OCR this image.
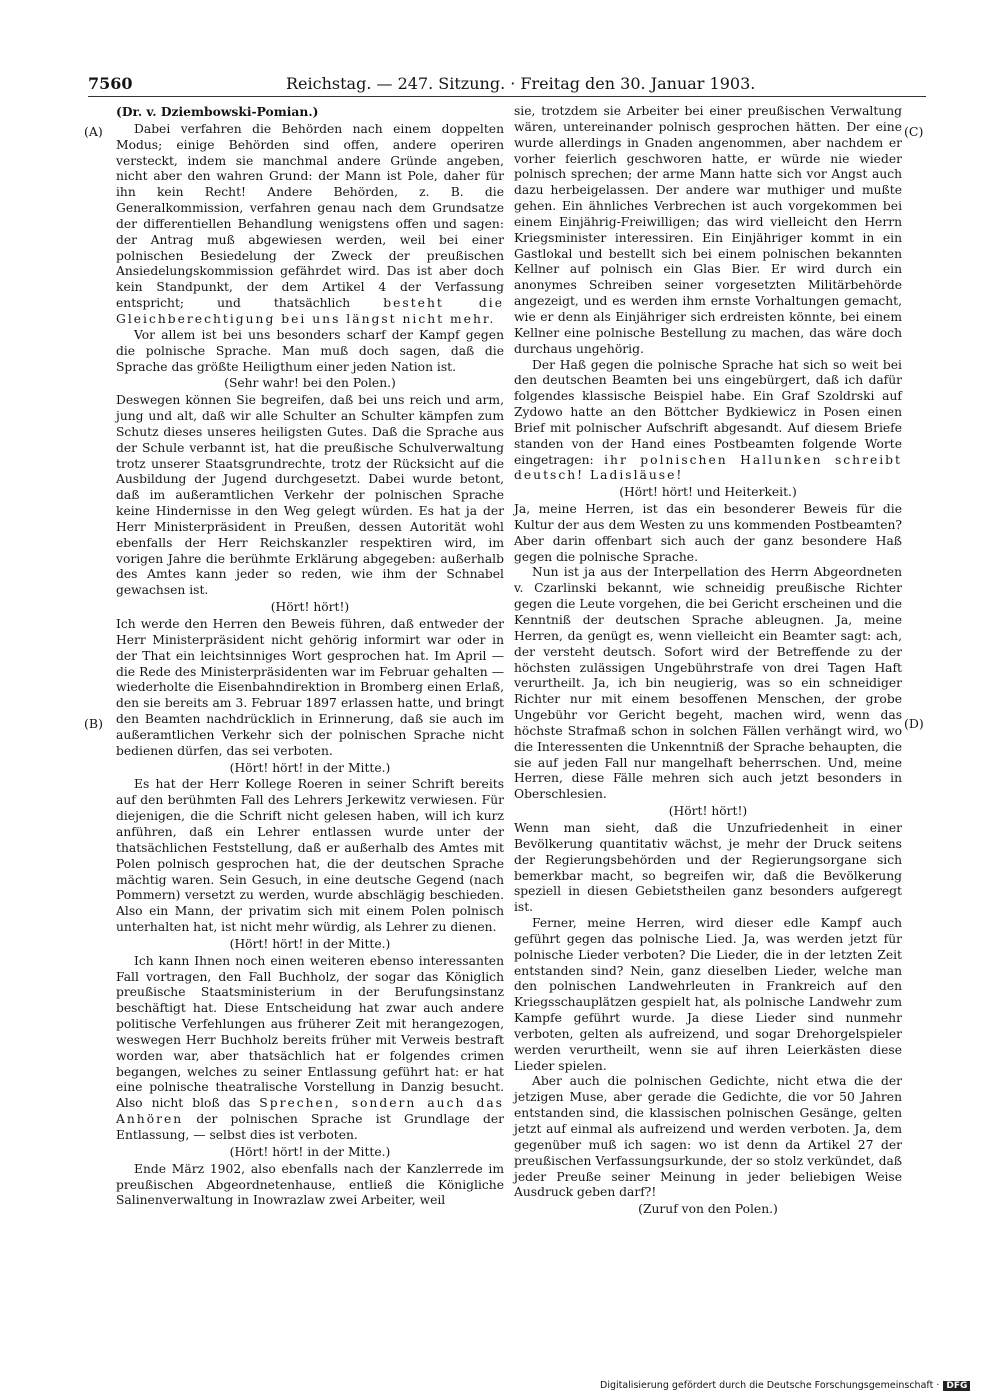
7560	Reichstag. — 247. Sitzung. · Freitag den 30. Januar 1903.
(A)
(B)
(C)
(D)

(Dr. v. Dziembowski-Pomian.)

Dabei verfahren die Behörden nach einem doppelten Modus; einige Behörden sind offen, andere operiren versteckt, indem sie manchmal andere Gründe angeben, nicht aber den wahren Grund: der Mann ist Pole, daher für ihn kein Recht! Andere Behörden, z. B. die Generalkommission, verfahren genau nach dem Grundsatze der differentiellen Behandlung wenigstens offen und sagen: der Antrag muß abgewiesen werden, weil bei einer polnischen Besiedelung der Zweck der preußischen Ansiedelungskommission gefährdet wird. Das ist aber doch kein Standpunkt, der dem Artikel 4 der Verfassung entspricht; und thatsächlich	besteht die Gleichberechtigung bei uns längst nicht mehr.

Vor allem ist bei uns besonders scharf der Kampf gegen die polnische Sprache. Man muß doch sagen, daß die Sprache das größte Heiligthum einer jeden Nation ist.

(Sehr wahr! bei den Polen.)

Deswegen können Sie begreifen, daß bei uns reich und arm, jung und alt, daß wir alle Schulter an Schulter kämpfen zum Schutz dieses unseres heiligsten Gutes. Daß die Sprache aus der Schule verbannt ist, hat die preußische Schulverwaltung trotz unserer Staatsgrundrechte, trotz der Rücksicht auf die Ausbildung der Jugend durchgesetzt. Dabei wurde betont, daß im außeramtlichen Verkehr der polnischen Sprache keine Hindernisse in den Weg gelegt würden. Es hat ja der Herr Ministerpräsident in Preußen, dessen Autorität wohl ebenfalls der Herr Reichskanzler respektiren wird, im vorigen Jahre die berühmte Erklärung abgegeben: außerhalb des Amtes kann jeder so reden, wie ihm der Schnabel gewachsen ist.

(Hört! hört!)

Ich werde den Herren den Beweis führen, daß entweder der Herr Ministerpräsident nicht gehörig informirt war oder in der That ein leichtsinniges Wort gesprochen hat. Im April — die Rede des Ministerpräsidenten war im Februar gehalten — wiederholte die Eisenbahndirektion in Bromberg einen Erlaß, den sie bereits am 3. Februar 1897 erlassen hatte, und bringt den Beamten nachdrücklich in Erinnerung, daß sie auch im außeramtlichen Verkehr sich der polnischen Sprache nicht bedienen dürfen, das sei verboten.

(Hört! hört! in der Mitte.)

Es hat der Herr Kollege Roeren in seiner Schrift bereits auf den berühmten Fall des Lehrers Jerkewitz verwiesen. Für diejenigen, die die Schrift nicht gelesen haben, will ich kurz anführen, daß ein Lehrer entlassen wurde unter der thatsächlichen Feststellung, daß er außerhalb des Amtes mit Polen polnisch gesprochen hat, die der deutschen Sprache mächtig waren. Sein Gesuch, in eine deutsche Gegend (nach Pommern) versetzt zu werden, wurde abschlägig beschieden. Also ein Mann, der privatim sich mit einem Polen polnisch unterhalten hat, ist nicht mehr würdig, als Lehrer zu dienen.

(Hört! hört! in der Mitte.)

Ich kann Ihnen noch einen weiteren ebenso interessanten Fall vortragen, den Fall Buchholz, der sogar das Königlich preußische Staatsministerium in der Berufungsinstanz beschäftigt hat. Diese Entscheidung hat zwar auch andere politische Verfehlungen aus früherer Zeit mit herangezogen, weswegen Herr Buchholz bereits früher mit Verweis bestraft worden war, aber thatsächlich hat er folgendes crimen begangen, welches zu seiner Entlassung geführt hat: er hat eine polnische theatralische Vorstellung in Danzig besucht. Also nicht bloß das Sprechen, sondern auch das Anhören der polnischen Sprache ist Grundlage der Entlassung, — selbst dies ist verboten.

(Hört! hört! in der Mitte.)

Ende März 1902, also ebenfalls nach der Kanzlerrede im preußischen Abgeordnetenhause, entließ die Königliche Salinenverwaltung in Inowrazlaw zwei Arbeiter, weil

sie, trotzdem sie Arbeiter bei einer preußischen Verwaltung wären, untereinander polnisch gesprochen hätten. Der eine wurde allerdings in Gnaden angenommen, aber nachdem er vorher feierlich geschworen hatte, er würde nie wieder polnisch sprechen; der arme Mann hatte sich vor Angst auch dazu herbeigelassen. Der andere war muthiger und mußte gehen. Ein ähnliches Verbrechen ist auch vorgekommen bei einem Einjährig-Freiwilligen; das wird vielleicht den Herrn Kriegsminister interessiren. Ein Einjähriger kommt in ein Gastlokal und bestellt sich bei einem polnischen bekannten Kellner auf polnisch ein Glas Bier. Er wird durch ein anonymes Schreiben seiner vorgesetzten Militärbehörde angezeigt, und es werden ihm ernste Vorhaltungen gemacht, wie er denn als Einjähriger sich erdreisten könnte, bei einem Kellner eine polnische Bestellung zu machen, das wäre doch durchaus ungehörig.

Der Haß gegen die polnische Sprache hat sich so weit bei den deutschen Beamten bei uns eingebürgert, daß ich dafür folgendes klassische Beispiel habe. Ein Graf Szoldrski auf Zydowo hatte an den Böttcher Bydkiewicz in Posen einen Brief mit polnischer Aufschrift abgesandt. Auf diesem Briefe standen von der Hand eines Postbeamten folgende Worte eingetragen: ihr polnischen Hallunken schreibt deutsch! Ladisläuse!

(Hört! hört! und Heiterkeit.)

Ja, meine Herren, ist das ein besonderer Beweis für die Kultur der aus dem Westen zu uns kommenden Postbeamten? Aber darin offenbart sich auch der ganz besondere Haß gegen die polnische Sprache.

Nun ist ja aus der Interpellation des Herrn Abgeordneten v. Czarlinski bekannt, wie schneidig preußische Richter gegen die Leute vorgehen, die bei Gericht erscheinen und die Kenntniß der deutschen Sprache ableugnen. Ja, meine Herren, da genügt es, wenn vielleicht ein Beamter sagt: ach, der versteht deutsch. Sofort wird der Betreffende zu der höchsten zulässigen Ungebührstrafe von drei Tagen Haft verurtheilt. Ja, ich bin neugierig, was so ein schneidiger Richter nur mit einem besoffenen Menschen, der grobe Ungebühr vor Gericht begeht, machen wird, wenn das höchste Strafmaß schon in solchen Fällen verhängt wird, wo die Interessenten die Unkenntniß der Sprache behaupten, die sie auf jeden Fall nur mangelhaft beherrschen. Und, meine Herren, diese Fälle mehren sich auch jetzt besonders in Oberschlesien.

(Hört! hört!)

Wenn man sieht, daß die Unzufriedenheit in einer Bevölkerung quantitativ wächst, je mehr der Druck seitens der Regierungsbehörden und der Regierungsorgane sich bemerkbar macht, so begreifen wir, daß die Bevölkerung speziell in diesen Gebietstheilen ganz besonders aufgeregt ist.

Ferner, meine Herren, wird dieser edle Kampf auch geführt gegen das polnische Lied. Ja, was werden jetzt für polnische Lieder verboten? Die Lieder, die in der letzten Zeit entstanden sind? Nein, ganz dieselben Lieder, welche man den polnischen Landwehrleuten in Frankreich auf den Kriegsschauplätzen gespielt hat, als polnische Landwehr zum Kampfe geführt wurde. Ja diese Lieder sind nunmehr verboten, gelten als aufreizend, und sogar Drehorgelspieler werden verurtheilt, wenn sie auf ihren Leierkästen diese Lieder spielen.

Aber auch die polnischen Gedichte, nicht etwa die der jetzigen Muse, aber gerade die Gedichte, die vor 50 Jahren entstanden sind, die klassischen polnischen Gesänge, gelten jetzt auf einmal als aufreizend und werden verboten. Ja, dem gegenüber muß ich sagen: wo ist denn da Artikel 27 der preußischen Verfassungsurkunde, der so stolz verkündet, daß jeder Preuße seiner Meinung in jeder beliebigen Weise Ausdruck geben darf?!

(Zuruf von den Polen.)

Digitalisierung gefördert durch die Deutsche Forschungsgemeinschaft · DFG
